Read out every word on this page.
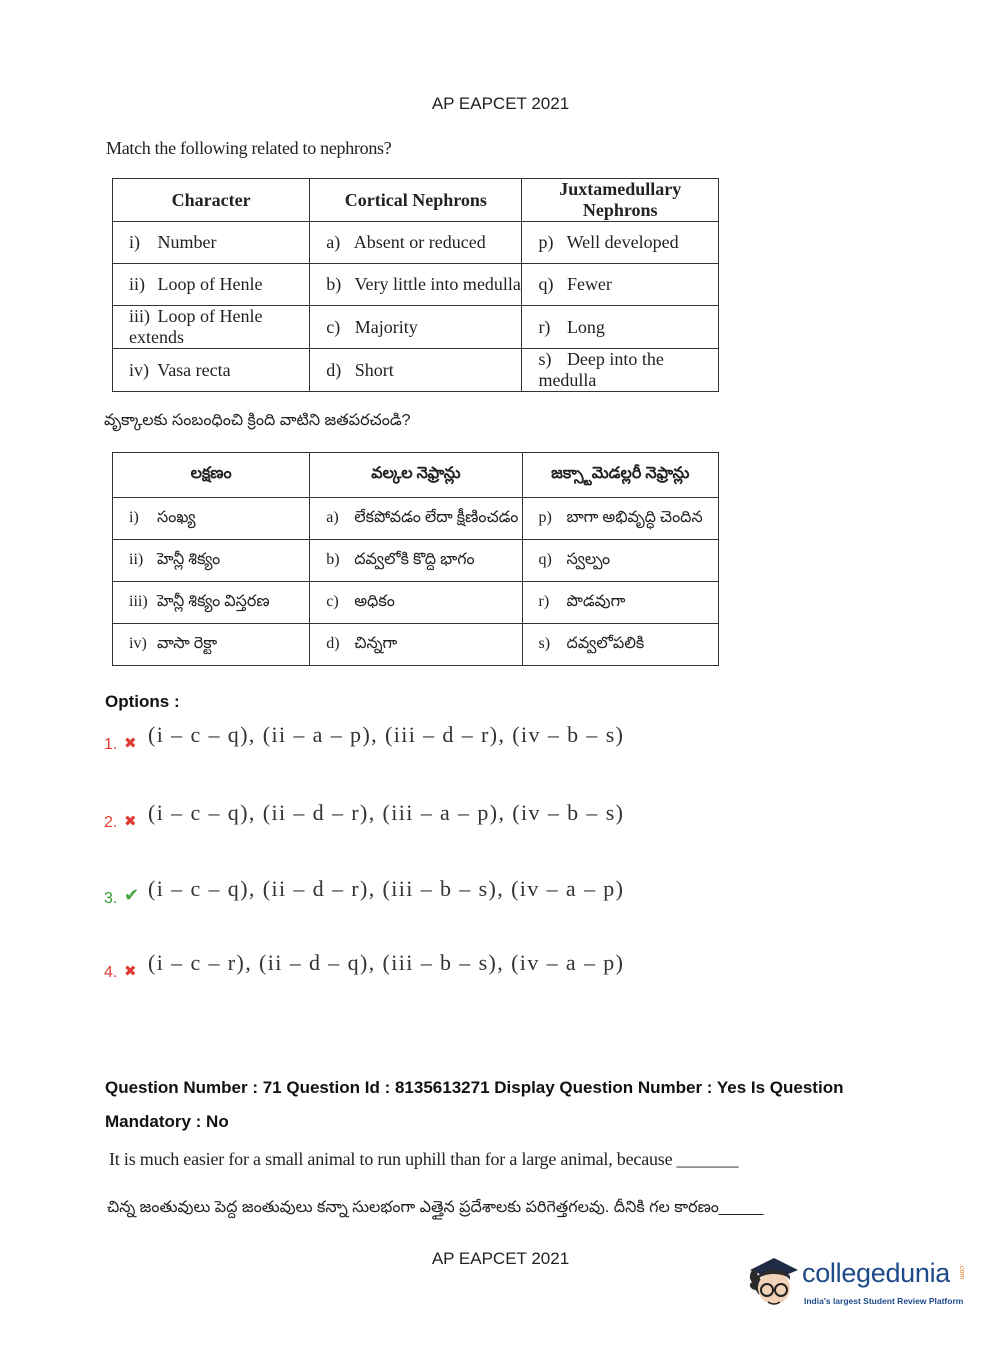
AP EAPCET 2021
Match the following related to nephrons?
Character	Cortical Nephrons	Juxtamedullary Nephrons
i) Number	a) Absent or reduced	p) Well developed
ii) Loop of Henle	b) Very little into medulla	q) Fewer
iii) Loop of Henle extends	c) Majority	r) Long
iv) Vasa recta	d) Short	s) Deep into the medulla
వృక్కాలకు సంబంధించి క్రింది వాటిని జతపరచండి?
లక్షణం	వల్కల నెఫ్రాన్లు	జక్స్టామెడల్లరీ నెఫ్రాన్లు
i) సంఖ్య	a) లేకపోవడం లేదా క్షీణించడం	p) బాగా అభివృద్ధి చెందిన
ii) హెన్లీ శిక్యం	b) దవ్వలోకి కొద్ది భాగం	q) స్వల్పం
iii) హెన్లీ శిక్యం విస్తరణ	c) అధికం	r) పొడవుగా
iv) వాసా రెక్టా	d) చిన్నగా	s) దవ్వలోపలికి
Options :
1. ✖ (i – c – q), (ii – a – p), (iii – d – r), (iv – b – s)
2. ✖ (i – c – q), (ii – d – r), (iii – a – p), (iv – b – s)
3. ✔ (i – c – q), (ii – d – r), (iii – b – s), (iv – a – p)
4. ✖ (i – c – r), (ii – d – q), (iii – b – s), (iv – a – p)
Question Number : 71 Question Id : 8135613271 Display Question Number : Yes Is Question
Mandatory : No
It is much easier for a small animal to run uphill than for a large animal, because _______
చిన్న జంతువులు పెద్ద జంతువులు కన్నా సులభంగా ఎత్తైన ప్రదేశాలకు పరిగెత్తగలవు. దీనికి గల కారణం_____
AP EAPCET 2021	collegedunia .com
India's largest Student Review Platform
